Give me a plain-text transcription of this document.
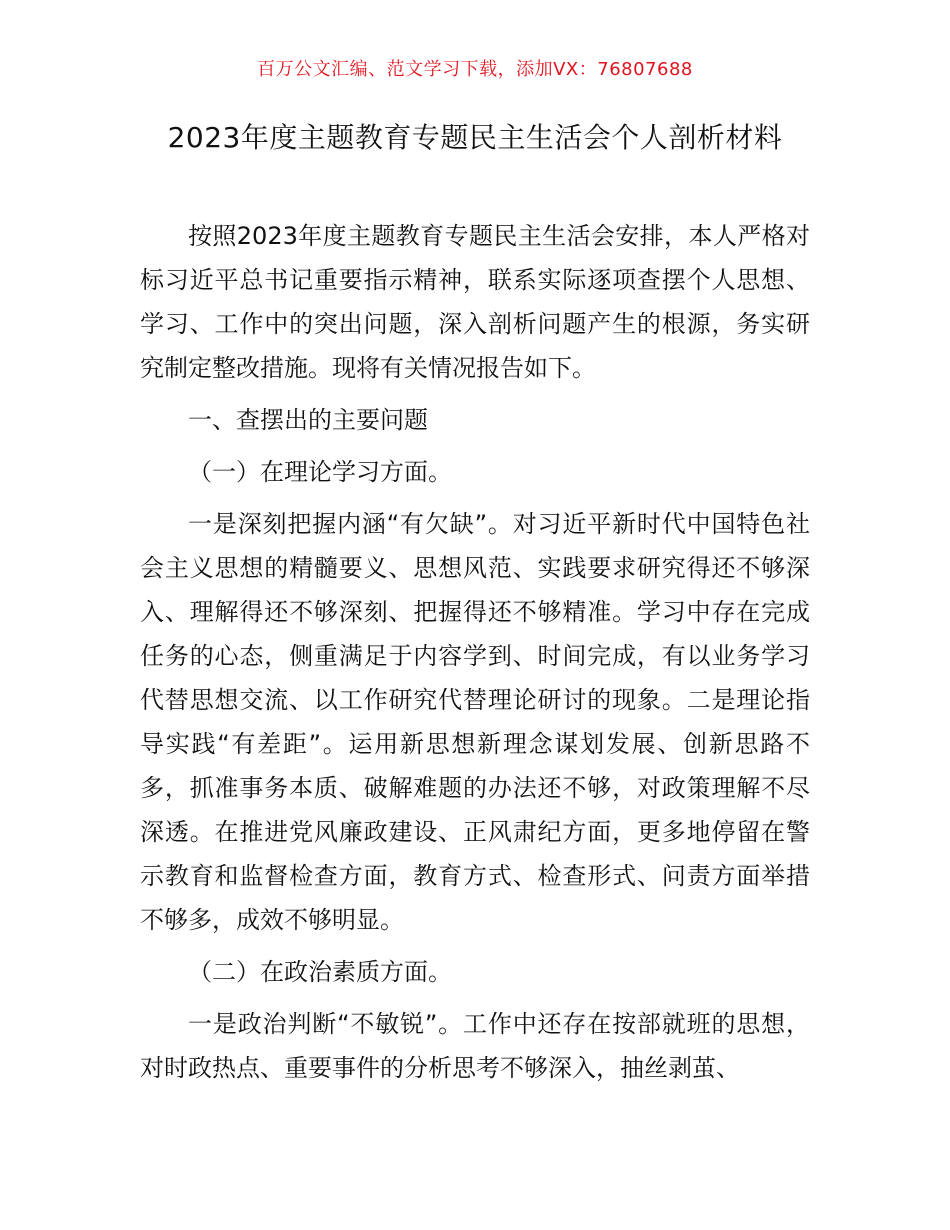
百万公文汇编、范文学习下载，添加VX：76807688
2023年度主题教育专题民主生活会个人剖析材料

按照2023年度主题教育专题民主生活会安排，本人严格对标习近平总书记重要指示精神，联系实际逐项查摆个人思想、学习、工作中的突出问题，深入剖析问题产生的根源，务实研究制定整改措施。现将有关情况报告如下。

一、查摆出的主要问题

（一）在理论学习方面。

一是深刻把握内涵“有欠缺”。对习近平新时代中国特色社会主义思想的精髓要义、思想风范、实践要求研究得还不够深入、理解得还不够深刻、把握得还不够精准。学习中存在完成任务的心态，侧重满足于内容学到、时间完成，有以业务学习代替思想交流、以工作研究代替理论研讨的现象。二是理论指导实践“有差距”。运用新思想新理念谋划发展、创新思路不多，抓准事务本质、破解难题的办法还不够，对政策理解不尽深透。在推进党风廉政建设、正风肃纪方面，更多地停留在警示教育和监督检查方面，教育方式、检查形式、问责方面举措不够多，成效不够明显。

（二）在政治素质方面。

一是政治判断“不敏锐”。工作中还存在按部就班的思想，对时政热点、重要事件的分析思考不够深入，抽丝剥茧、
